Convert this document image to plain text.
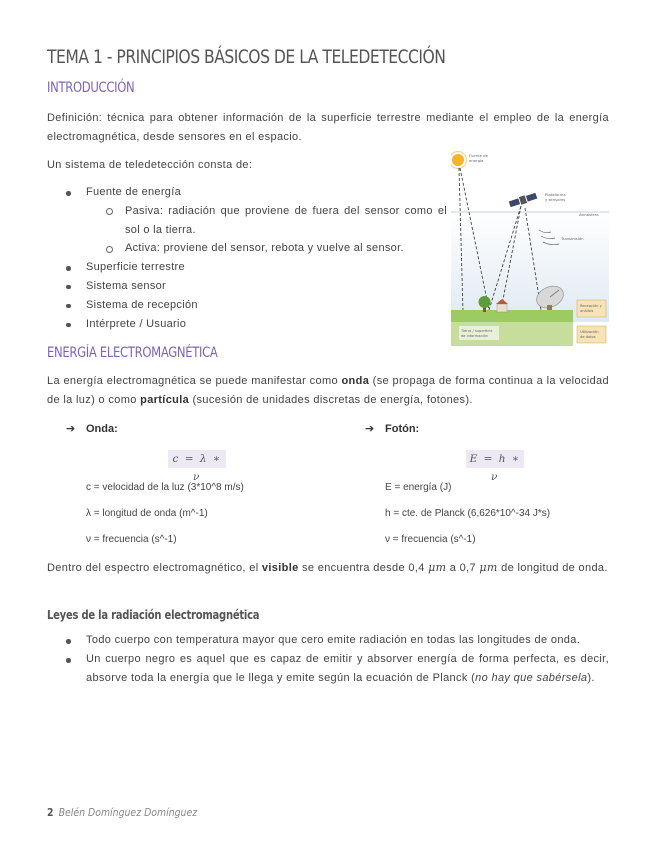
TEMA 1 - PRINCIPIOS BÁSICOS DE LA TELEDETECCIÓN
INTRODUCCIÓN

Definición: técnica para obtener información de la superficie terrestre mediante el empleo de la energía electromagnética, desde sensores en el espacio.

Un sistema de teledetección consta de:

Fuente de energía
Pasiva: radiación que proviene de fuera del sensor como el sol o la tierra.
Activa: proviene del sensor, rebota y vuelve al sensor.
Superficie terrestre
Sistema sensor
Sistema de recepción
Intérprete / Usuario
Fuente de
energía
Plataforma
y sensores
Atmósfera
Transmisión
Recepción y
análisis
Utilización
de datos
Tierra / superficie
de información
ENERGÍA ELECTROMAGNÉTICA

La energía electromagnética se puede manifestar como onda (se propaga de forma continua a la velocidad de la luz) o como partícula (sucesión de unidades discretas de energía, fotones).

➔ Onda:	➔ Fotón:
c = λ ∗ ν
E = h ∗ ν
c = velocidad de la luz (3*10^8 m/s)
λ = longitud de onda (m^-1)
ν = frecuencia (s^-1)
E = energía (J)
h = cte. de Planck (6,626*10^-34 J*s)
ν = frecuencia (s^-1)

Dentro del espectro electromagnético, el visible se encuentra desde 0,4 μm a 0,7 μm de longitud de onda.

Leyes de la radiación electromagnética
Todo cuerpo con temperatura mayor que cero emite radiación en todas las longitudes de onda.
Un cuerpo negro es aquel que es capaz de emitir y absorver energía de forma perfecta, es decir, absorve toda la energía que le llega y emite según la ecuación de Planck (no hay que sabérsela).
2 Belén Domínguez Domínguez
